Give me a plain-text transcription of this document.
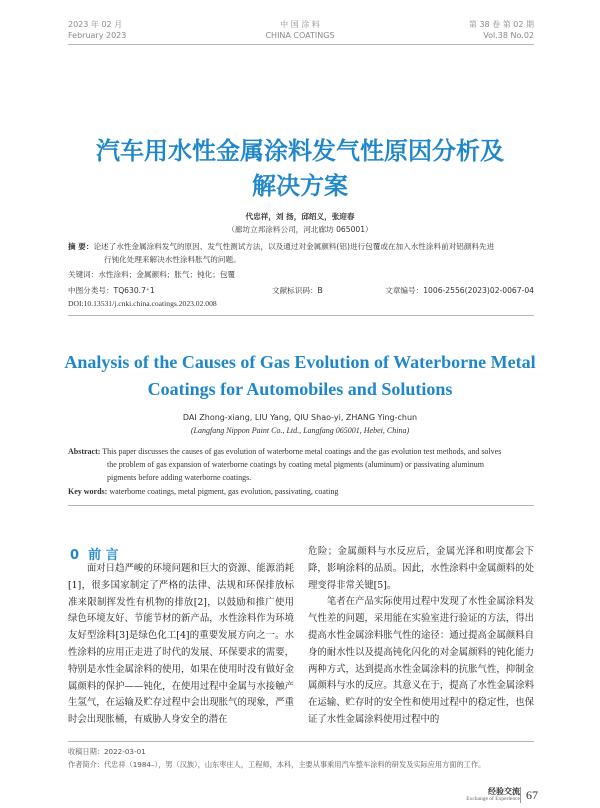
2023 年 02 月
February 2023
中 国 涂 料
CHINA COATINGS
第 38 卷 第 02 期
Vol.38 No.02
汽车用水性金属涂料发气性原因分析及
解决方案
代忠祥，刘 扬，邱绍义，张迎春
（廊坊立邦涂料公司，河北廊坊 065001）
摘 要：论述了水性金属涂料发气的原因、发气性测试方法，以及通过对金属颜料(铝)进行包覆或在加入水性涂料前对铝颜料先进
行钝化处理来解决水性涂料胀气的问题。
关键词：水性涂料；金属颜料；胀气；钝化；包覆
中图分类号：TQ630.7⁺1	文献标识码：B	文章编号：1006-2556(2023)02-0067-04
DOI:10.13531/j.cnki.china.coatings.2023.02.008
Analysis of the Causes of Gas Evolution of Waterborne Metal
Coatings for Automobiles and Solutions
DAI Zhong-xiang, LIU Yang, QIU Shao-yi, ZHANG Ying-chun
(Langfang Nippon Paint Co., Ltd., Langfang 065001, Hebei, China)
Abstract: This paper discusses the causes of gas evolution of waterborne metal coatings and the gas evolution test methods, and solves
the problem of gas expansion of waterborne coatings by coating metal pigments (aluminum) or passivating aluminum
pigments before adding waterborne coatings.
Key words: waterborne coatings, metal pigment, gas evolution, passivating, coating
0 前 言
　　面对日趋严峻的环境问题和巨大的资源、能源消耗[1]，很多国家制定了严格的法律、法规和环保排放标准来限制挥发性有机物的排放[2]，以鼓励和推广使用绿色环境友好、节能节材的新产品，水性涂料作为环境友好型涂料[3]是绿色化工[4]的重要发展方向之一。水性涂料的应用正走进了时代的发展、环保要求的需要，特别是水性金属涂料的使用，如果在使用时没有做好金属颜料的保护——钝化，在使用过程中金属与水接触产生氢气，在运输及贮存过程中会出现胀气的现象，严重时会出现胀桶，有威胁人身安全的潜在
危险；金属颜料与水反应后，金属光泽和明度都会下降，影响涂料的品质。因此，水性涂料中金属颜料的处理变得非常关键[5]。
　　笔者在产品实际使用过程中发现了水性金属涂料发气性差的问题，采用能在实验室进行验证的方法，得出提高水性金属涂料胀气性的途径：通过提高金属颜料自身的耐水性以及提高钝化闪化的对金属颜料的钝化能力两种方式，达到提高水性金属涂料的抗胀气性，抑制金属颜料与水的反应。其意义在于，提高了水性金属涂料在运输、贮存时的安全性和使用过程中的稳定性，也保证了水性金属涂料使用过程中的
收稿日期：2022-03-01
作者简介：代忠祥（1984–），男（汉族），山东枣庄人，工程师，本科，主要从事乘用汽车整车涂料的研发及实际应用方面的工作。
经验交流
Exchange of Experience 67
